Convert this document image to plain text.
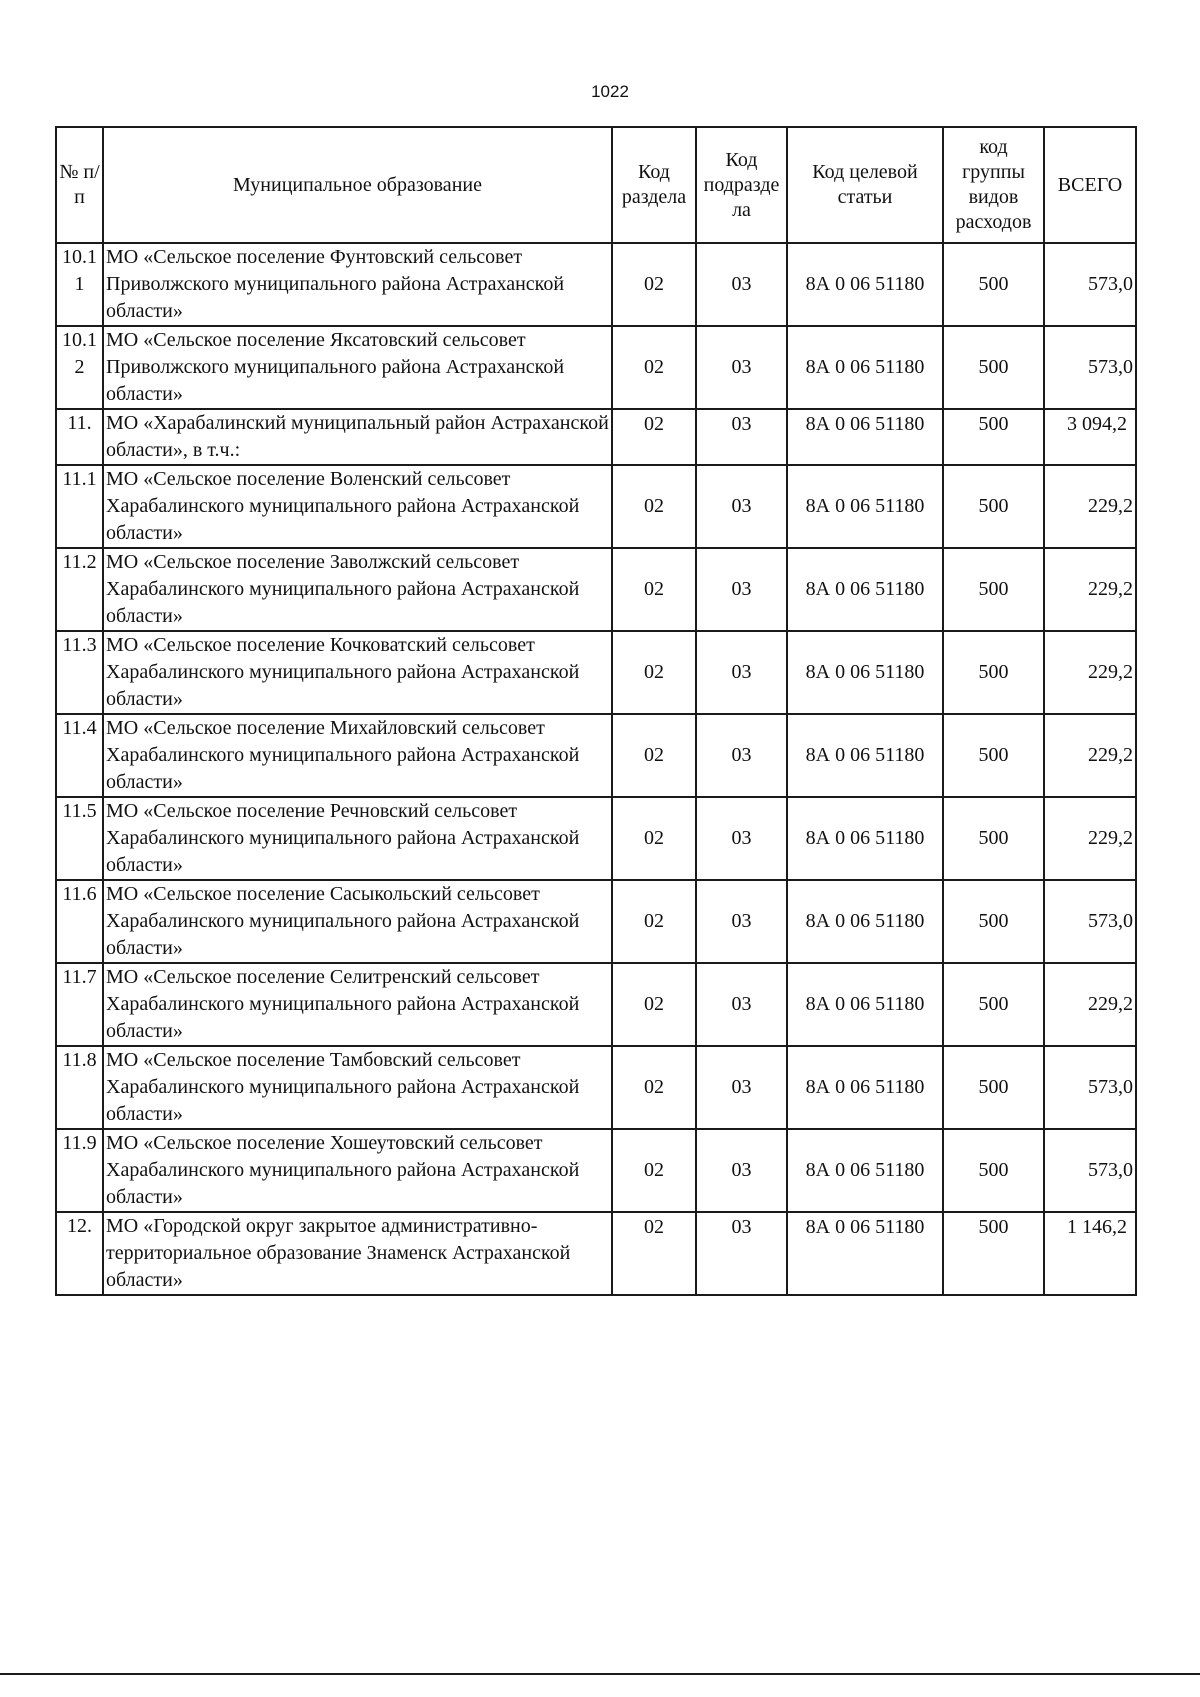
1022
№ п/п	Муниципальное образование	Код раздела	Код подразде ла	Код целевой статьи	код группы видов расходов	ВСЕГО
10.11	МО «Сельское поселение Фунтовский сельсовет Приволжского муниципального района Астраханской области»	02	03	8А 0 06 51180	500	573,0
10.12	МО «Сельское поселение Яксатовский сельсовет Приволжского муниципального района Астраханской области»	02	03	8А 0 06 51180	500	573,0
11.	МО «Харабалинский муниципальный район Астраханской области», в т.ч.:	02	03	8А 0 06 51180	500	3 094,2
11.1	МО «Сельское поселение Воленский сельсовет Харабалинского муниципального района Астраханской области»	02	03	8А 0 06 51180	500	229,2
11.2	МО «Сельское поселение Заволжский сельсовет Харабалинского муниципального района Астраханской области»	02	03	8А 0 06 51180	500	229,2
11.3	МО «Сельское поселение Кочковатский сельсовет Харабалинского муниципального района Астраханской области»	02	03	8А 0 06 51180	500	229,2
11.4	МО «Сельское поселение Михайловский сельсовет Харабалинского муниципального района Астраханской области»	02	03	8А 0 06 51180	500	229,2
11.5	МО «Сельское поселение Речновский сельсовет Харабалинского муниципального района Астраханской области»	02	03	8А 0 06 51180	500	229,2
11.6	МО «Сельское поселение Сасыкольский сельсовет Харабалинского муниципального района Астраханской области»	02	03	8А 0 06 51180	500	573,0
11.7	МО «Сельское поселение Селитренский сельсовет Харабалинского муниципального района Астраханской области»	02	03	8А 0 06 51180	500	229,2
11.8	МО «Сельское поселение Тамбовский сельсовет Харабалинского муниципального района Астраханской области»	02	03	8А 0 06 51180	500	573,0
11.9	МО «Сельское поселение Хошеутовский сельсовет Харабалинского муниципального района Астраханской области»	02	03	8А 0 06 51180	500	573,0
12.	МО «Городской округ закрытое административно-территориальное образование Знаменск Астраханской области»	02	03	8А 0 06 51180	500	1 146,2
